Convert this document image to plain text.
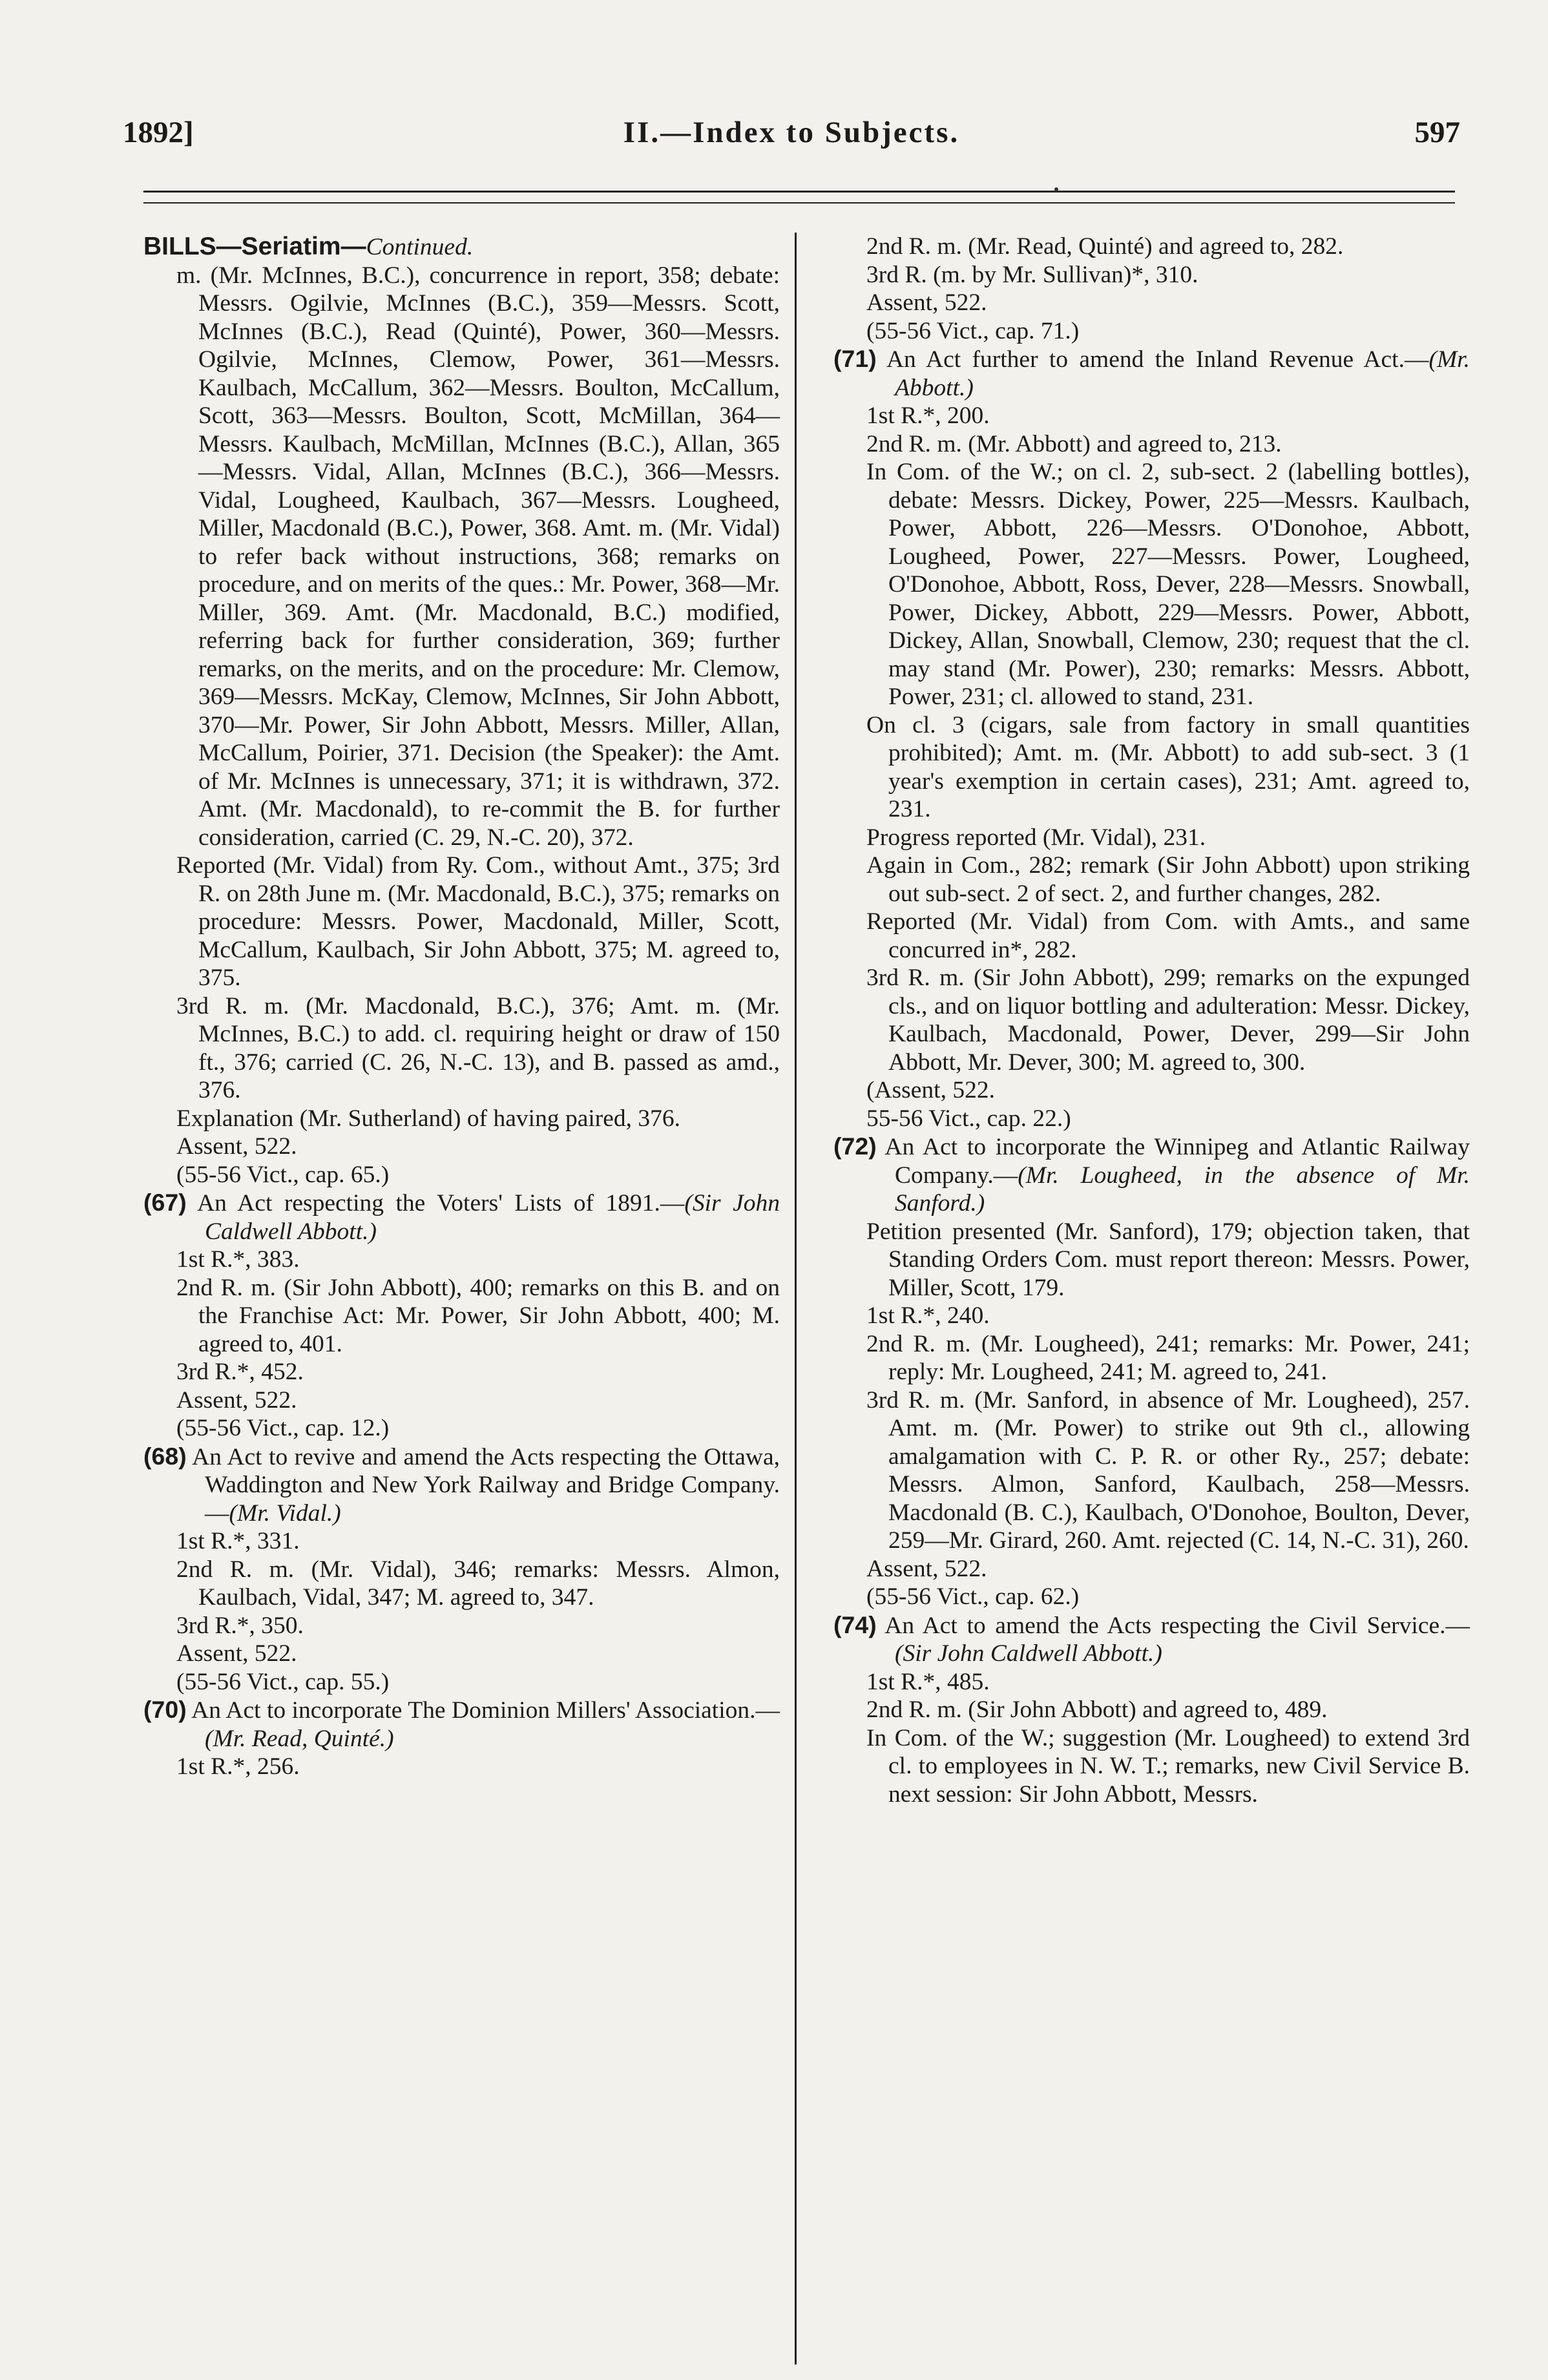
1892]	II.—Index to Subjects.	597

BILLS—Seriatim—Continued.

m. (Mr. McInnes, B.C.), concurrence in report, 358; debate: Messrs. Ogilvie, McInnes (B.C.), 359—Messrs. Scott, McInnes (B.C.), Read (Quinté), Power, 360—Messrs. Ogilvie, McInnes, Clemow, Power, 361—Messrs. Kaulbach, McCallum, 362—Messrs. Boulton, McCallum, Scott, 363—Messrs. Boulton, Scott, McMillan, 364—Messrs. Kaulbach, McMillan, McInnes (B.C.), Allan, 365—Messrs. Vidal, Allan, McInnes (B.C.), 366—Messrs. Vidal, Lougheed, Kaulbach, 367—Messrs. Lougheed, Miller, Macdonald (B.C.), Power, 368. Amt. m. (Mr. Vidal) to refer back without instructions, 368; remarks on procedure, and on merits of the ques.: Mr. Power, 368—Mr. Miller, 369. Amt. (Mr. Macdonald, B.C.) modified, referring back for further consideration, 369; further remarks, on the merits, and on the procedure: Mr. Clemow, 369—Messrs. McKay, Clemow, McInnes, Sir John Abbott, 370—Mr. Power, Sir John Abbott, Messrs. Miller, Allan, McCallum, Poirier, 371. Decision (the Speaker): the Amt. of Mr. McInnes is unnecessary, 371; it is withdrawn, 372. Amt. (Mr. Macdonald), to re-commit the B. for further consideration, carried (C. 29, N.-C. 20), 372.

Reported (Mr. Vidal) from Ry. Com., without Amt., 375; 3rd R. on 28th June m. (Mr. Macdonald, B.C.), 375; remarks on procedure: Messrs. Power, Macdonald, Miller, Scott, McCallum, Kaulbach, Sir John Abbott, 375; M. agreed to, 375.

3rd R. m. (Mr. Macdonald, B.C.), 376; Amt. m. (Mr. McInnes, B.C.) to add. cl. requiring height or draw of 150 ft., 376; carried (C. 26, N.-C. 13), and B. passed as amd., 376.

Explanation (Mr. Sutherland) of having paired, 376.

Assent, 522.

(55-56 Vict., cap. 65.)

(67) An Act respecting the Voters' Lists of 1891.—(Sir John Caldwell Abbott.)

1st R.*, 383.

2nd R. m. (Sir John Abbott), 400; remarks on this B. and on the Franchise Act: Mr. Power, Sir John Abbott, 400; M. agreed to, 401.

3rd R.*, 452.

Assent, 522.

(55-56 Vict., cap. 12.)

(68) An Act to revive and amend the Acts respecting the Ottawa, Waddington and New York Railway and Bridge Company.—(Mr. Vidal.)

1st R.*, 331.

2nd R. m. (Mr. Vidal), 346; remarks: Messrs. Almon, Kaulbach, Vidal, 347; M. agreed to, 347.

3rd R.*, 350.

Assent, 522.

(55-56 Vict., cap. 55.)

(70) An Act to incorporate The Dominion Millers' Association.—(Mr. Read, Quinté.)

1st R.*, 256.

2nd R. m. (Mr. Read, Quinté) and agreed to, 282.

3rd R. (m. by Mr. Sullivan)*, 310.

Assent, 522.

(55-56 Vict., cap. 71.)

(71) An Act further to amend the Inland Revenue Act.—(Mr. Abbott.)

1st R.*, 200.

2nd R. m. (Mr. Abbott) and agreed to, 213.

In Com. of the W.; on cl. 2, sub-sect. 2 (labelling bottles), debate: Messrs. Dickey, Power, 225—Messrs. Kaulbach, Power, Abbott, 226—Messrs. O'Donohoe, Abbott, Lougheed, Power, 227—Messrs. Power, Lougheed, O'Donohoe, Abbott, Ross, Dever, 228—Messrs. Snowball, Power, Dickey, Abbott, 229—Messrs. Power, Abbott, Dickey, Allan, Snowball, Clemow, 230; request that the cl. may stand (Mr. Power), 230; remarks: Messrs. Abbott, Power, 231; cl. allowed to stand, 231.

On cl. 3 (cigars, sale from factory in small quantities prohibited); Amt. m. (Mr. Abbott) to add sub-sect. 3 (1 year's exemption in certain cases), 231; Amt. agreed to, 231.

Progress reported (Mr. Vidal), 231.

Again in Com., 282; remark (Sir John Abbott) upon striking out sub-sect. 2 of sect. 2, and further changes, 282.

Reported (Mr. Vidal) from Com. with Amts., and same concurred in*, 282.

3rd R. m. (Sir John Abbott), 299; remarks on the expunged cls., and on liquor bottling and adulteration: Messr. Dickey, Kaulbach, Macdonald, Power, Dever, 299—Sir John Abbott, Mr. Dever, 300; M. agreed to, 300.

(Assent, 522.

55-56 Vict., cap. 22.)

(72) An Act to incorporate the Winnipeg and Atlantic Railway Company.—(Mr. Lougheed, in the absence of Mr. Sanford.)

Petition presented (Mr. Sanford), 179; objection taken, that Standing Orders Com. must report thereon: Messrs. Power, Miller, Scott, 179.

1st R.*, 240.

2nd R. m. (Mr. Lougheed), 241; remarks: Mr. Power, 241; reply: Mr. Lougheed, 241; M. agreed to, 241.

3rd R. m. (Mr. Sanford, in absence of Mr. Lougheed), 257. Amt. m. (Mr. Power) to strike out 9th cl., allowing amalgamation with C. P. R. or other Ry., 257; debate: Messrs. Almon, Sanford, Kaulbach, 258—Messrs. Macdonald (B. C.), Kaulbach, O'Donohoe, Boulton, Dever, 259—Mr. Girard, 260. Amt. rejected (C. 14, N.-C. 31), 260.

Assent, 522.

(55-56 Vict., cap. 62.)

(74) An Act to amend the Acts respecting the Civil Service.—(Sir John Caldwell Abbott.)

1st R.*, 485.

2nd R. m. (Sir John Abbott) and agreed to, 489.

In Com. of the W.; suggestion (Mr. Lougheed) to extend 3rd cl. to employees in N. W. T.; remarks, new Civil Service B. next session: Sir John Abbott, Messrs.
